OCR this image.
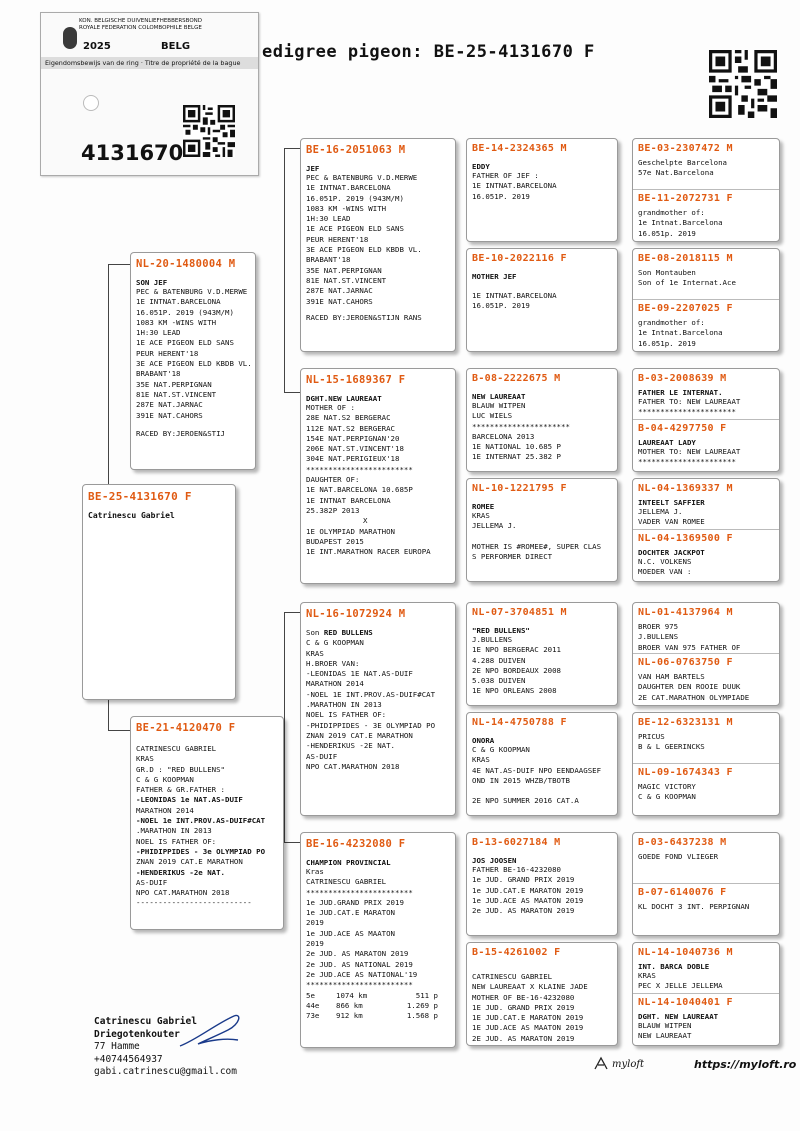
KON. BELGISCHE DUIVENLIEFHEBBERSBOND
ROYALE FEDERATION COLOMBOPHILE BELGE
2025	BELG
Eigendomsbewijs van de ring · Titre de propriété de la bague
4131670
edigree pigeon: BE-25-4131670 F
BE-25-4131670 F
Catrinescu Gabriel
NL-20-1480004 M
SON JEF
PEC & BATENBURG V.D.MERWE
1E INTNAT.BARCELONA
16.051P. 2019 (943M/M)
1083 KM -WINS WITH
1H:30 LEAD
1E ACE PIGEON ELD SANS
PEUR HERENT'18
3E ACE PIGEON ELD KBDB VL.
BRABANT'18
35E NAT.PERPIGNAN
81E NAT.ST.VINCENT
287E NAT.JARNAC
391E NAT.CAHORS
RACED BY:JEROEN&STIJ
BE-21-4120470 F
CATRINESCU GABRIEL
KRAS
GR.D : "RED BULLENS"
C & G KOOPMAN
FATHER & GR.FATHER :
-LEONIDAS 1e NAT.AS-DUIF
MARATHON 2014
-NOEL 1e INT.PROV.AS-DUIF#CAT
.MARATHON IN 2013
NOEL IS FATHER OF:
-PHIDIPPIDES - 3e OLYMPIAD PO
ZNAN 2019 CAT.E MARATHON
-HENDERIKUS -2e NAT.
AS-DUIF
NPO CAT.MARATHON 2018
--------------------------
BE-16-2051063 M
JEF
PEC & BATENBURG V.D.MERWE
1E INTNAT.BARCELONA
16.051P. 2019 (943M/M)
1083 KM -WINS WITH
1H:30 LEAD
1E ACE PIGEON ELD SANS
PEUR HERENT'18
3E ACE PIGEON ELD KBDB VL.
BRABANT'18
35E NAT.PERPIGNAN
81E NAT.ST.VINCENT
287E NAT.JARNAC
391E NAT.CAHORS
RACED BY:JEROEN&STIJN RANS
NL-15-1689367 F
DGHT.NEW LAUREAAT
MOTHER OF :
28E NAT.S2 BERGERAC
112E NAT.S2 BERGERAC
154E NAT.PERPIGNAN'20
206E NAT.ST.VINCENT'18
304E NAT.PERIGIEUX'18
************************
DAUGHTER OF:
1E NAT.BARCELONA 10.685P
1E INTNAT BARCELONA
25.382P 2013
X
1E OLYMPIAD MARATHON
BUDAPEST 2015
1E INT.MARATHON RACER EUROPA
NL-16-1072924 M
Son RED BULLENS
C & G KOOPMAN
KRAS
H.BROER VAN:
-LEONIDAS 1E NAT.AS-DUIF
MARATHON 2014
-NOEL 1E INT.PROV.AS-DUIF#CAT
.MARATHON IN 2013
NOEL IS FATHER OF:
-PHIDIPPIDES - 3E OLYMPIAD PO
ZNAN 2019 CAT.E MARATHON
-HENDERIKUS -2E NAT.
AS-DUIF
NPO CAT.MARATHON 2018
BE-16-4232080 F
CHAMPION PROVINCIAL
Kras
CATRINESCU GABRIEL
************************
1e JUD.GRAND PRIX 2019
1e JUD.CAT.E MARATON
2019
1e JUD.ACE AS MAATON
2019
2e JUD. AS MARATON 2019
2e JUD. AS NATIONAL 2019
2e JUD.ACE AS NATIONAL'19
************************
5e	1074 km	511 p
44e	866 km	1.269 p
73e	912 km	1.568 p
BE-14-2324365 M
EDDY
FATHER OF JEF :
1E INTNAT.BARCELONA
16.051P. 2019
BE-10-2022116 F
MOTHER JEF
1E INTNAT.BARCELONA
16.051P. 2019
B-08-2222675 M
NEW LAUREAAT
BLAUW WITPEN
LUC WIELS
**********************
BARCELONA 2013
1E NATIONAL 10.685 P
1E INTERNAT 25.382 P
NL-10-1221795 F
ROMEE
KRAS
JELLEMA J.
MOTHER IS #ROMEE#, SUPER CLAS
S PERFORMER DIRECT
NL-07-3704851 M
"RED BULLENS"
J.BULLENS
1E NPO BERGERAC 2011
4.288 DUIVEN
2E NPO BORDEAUX 2008
5.038 DUIVEN
1E NPO ORLEANS 2008
NL-14-4750788 F
ONORA
C & G KOOPMAN
KRAS
4E NAT.AS-DUIF NPO EENDAAGSEF
OND IN 2015 WHZB/TBOTB
2E NPO SUMMER 2016 CAT.A
B-13-6027184 M
JOS JOOSEN
FATHER BE-16-4232080
1e JUD. GRAND PRIX 2019
1e JUD.CAT.E MARATON 2019
1e JUD.ACE AS MAATON 2019
2e JUD. AS MARATON 2019
B-15-4261002 F
CATRINESCU GABRIEL
NEW LAUREAAT X KLAINE JADE
MOTHER OF BE-16-4232080
1E JUD. GRAND PRIX 2019
1E JUD.CAT.E MARATON 2019
1E JUD.ACE AS MAATON 2019
2E JUD. AS MARATON 2019
BE-03-2307472 M
Geschelpte Barcelona
57e Nat.Barcelona
BE-11-2072731 F
grandmother of:
1e Intnat.Barcelona
16.051p. 2019
BE-08-2018115 M
Son Montauben
Son of 1e Internat.Ace
BE-09-2207025 F
grandmother of:
1e Intnat.Barcelona
16.051p. 2019
B-03-2008639 M
FATHER LE INTERNAT.
FATHER TO: NEW LAUREAAT
**********************
B-04-4297750 F
LAUREAAT LADY
MOTHER TO: NEW LAUREAAT
**********************
NL-04-1369337 M
INTEELT SAFFIER
JELLEMA J.
VADER VAN ROMEE
NL-04-1369500 F
DOCHTER JACKPOT
N.C. VOLKENS
MOEDER VAN :
NL-01-4137964 M
BROER 975
J.BULLENS
BROER VAN 975 FATHER OF
NL-06-0763750 F
VAN HAM BARTELS
DAUGHTER DEN ROOIE DUUK
2E CAT.MARATHON OLYMPIADE
BE-12-6323131 M
PRICUS
B & L GEERINCKS
NL-09-1674343 F
MAGIC VICTORY
C & G KOOPMAN
B-03-6437238 M
GOEDE FOND VLIEGER
B-07-6140076 F
KL DOCHT 3 INT. PERPIGNAN
NL-14-1040736 M
INT. BARCA DOBLE
KRAS
PEC X JELLE JELLEMA
NL-14-1040401 F
DGHT. NEW LAUREAAT
BLAUW WITPEN
NEW LAUREAAT
Catrinescu Gabriel
Driegotenkouter
77 Hamme
+40744564937
gabi.catrinescu@gmail.com
myloft	https://myloft.ro
